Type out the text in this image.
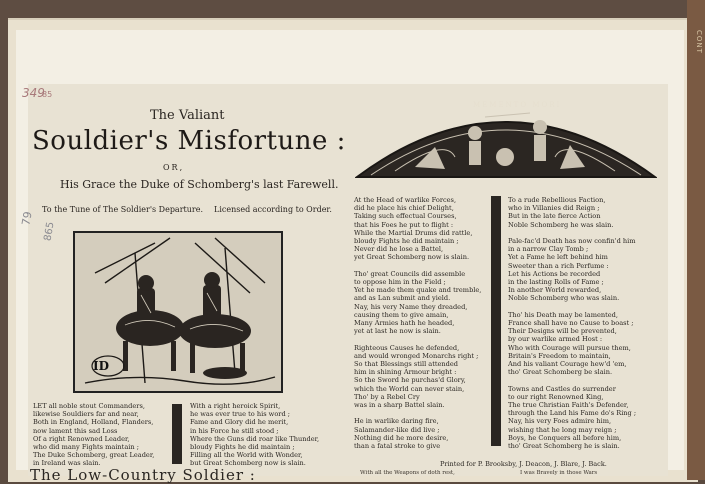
CONT
349
85
79
865
The Valiant
Souldier's Misfortune :
OR,
His Grace the Duke of Schomberg's last Farewell.
To the Tune of The Soldier's Departure. Licensed according to Order.
ID
MEMENTO MORI
At the Head of warlike Forces,
did he place his chief Delight,
Taking such effectual Courses,
that his Foes he put to flight :
While the Martial Drums did rattle,
bloudy Fights he did maintain ;
Never did he lose a Battel,
yet Great Schomberg now is slain.

Tho' great Councils did assemble
to oppose him in the Field ;
Yet he made them quake and tremble,
and as Lan submit and yield.
Nay, his very Name they dreaded,
causing them to give amain,
Many Armies hath he headed,
yet at last he now is slain.

Righteous Causes he defended,
and would wronged Monarchs right ;
So that Blessings still attended
him in shining Armour bright :
So the Sword he purchas'd Glory,
which the World can never stain,
Tho' by a Rebel Cry
was in a sharp Battel slain.

He in warlike daring fire,
Salamander-like did live ;
Nothing did he more desire,
than a fatal stroke to give
To a rude Rebellious Faction,
who in Villanies did Reign ;
But in the late fierce Action
Noble Schomberg he was slain.

Pale-fac'd Death has now confin'd him
in a narrow Clay Tomb ;
Yet a Fame he left behind him
Sweeter than a rich Perfume :
Let his Actions be recorded
in the lasting Rolls of Fame ;
In another World rewarded,
Noble Schomberg who was slain.

Tho' his Death may be lamented,
France shall have no Cause to boast ;
Their Designs will be prevented,
by our warlike armed Host :
Who with Courage will pursue them,
Britain's Freedom to maintain,
And his valiant Courage hew'd 'em,
tho' Great Schomberg be slain.

Towns and Castles do surrender
to our right Renowned King,
The true Christian Faith's Defender,
through the Land his Fame do's Ring ;
Nay, his very Foes admire him,
wishing that he long may reign ;
Boys, he Conquers all before him,
tho' Great Schomberg he is slain.
LET all noble stout Commanders,
likewise Souldiers far and near,
Both in England, Holland, Flanders,
now lament this sad Loss
Of a right Renowned Leader,
who did many Fights maintain ;
The Duke Schomberg, great Leader,
in Ireland was slain.
With a right heroick Spirit,
he was ever true to his word ;
Fame and Glory did he merit,
in his Force he still stood ;
Where the Guns did roar like Thunder,
bloudy Fights he did maintain ;
Filling all the World with Wonder,
but Great Schomberg now is slain.	Printed for P. Brooksby, J. Deacon, J. Blare, J. Back.
The Low-Country Soldier :	With all the Weapons of doth rest,	I was Bravely in those Wars
